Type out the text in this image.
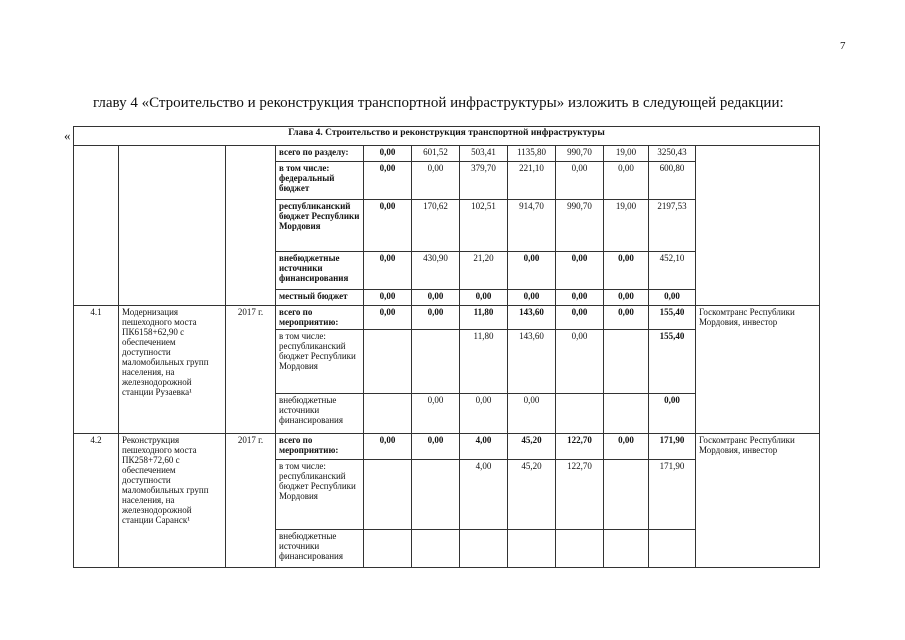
7
главу 4 «Строительство и реконструкция транспортной инфраструктуры» изложить в следующей редакции:
«	Глава 4. Строительство и реконструкция транспортной инфраструктуры											
			всего по разделу:	0,00	601,52	503,41	1135,80	990,70	19,00	3250,43	
			в том числе: федеральный бюджет	0,00	0,00	379,70	221,10	0,00	0,00	600,80	
			республиканский бюджет Республики Мордовия	0,00	170,62	102,51	914,70	990,70	19,00	2197,53	
			внебюджетные источники финансирования	0,00	430,90	21,20	0,00	0,00	0,00	452,10	
			местный бюджет	0,00	0,00	0,00	0,00	0,00	0,00	0,00	
4.1	Модернизация пешеходного моста ПК6158+62,90 с обеспечением доступности маломобильных групп населения, на железнодорожной станции Рузаевка¹	2017 г.	всего по мероприятию:	0,00	0,00	11,80	143,60	0,00	0,00	155,40	Госкомтранс Республики Мордовия, инвестор
			в том числе: республиканский бюджет Республики Мордовия			11,80	143,60	0,00		155,40	
			внебюджетные источники финансирования		0,00	0,00	0,00			0,00	
4.2	Реконструкция пешеходного моста ПК258+72,60 с обеспечением доступности маломобильных групп населения, на железнодорожной станции Саранск¹	2017 г.	всего по мероприятию:	0,00	0,00	4,00	45,20	122,70	0,00	171,90	Госкомтранс Республики Мордовия, инвестор
			в том числе: республиканский бюджет Республики Мордовия			4,00	45,20	122,70		171,90	
			внебюджетные источники финансирования								
